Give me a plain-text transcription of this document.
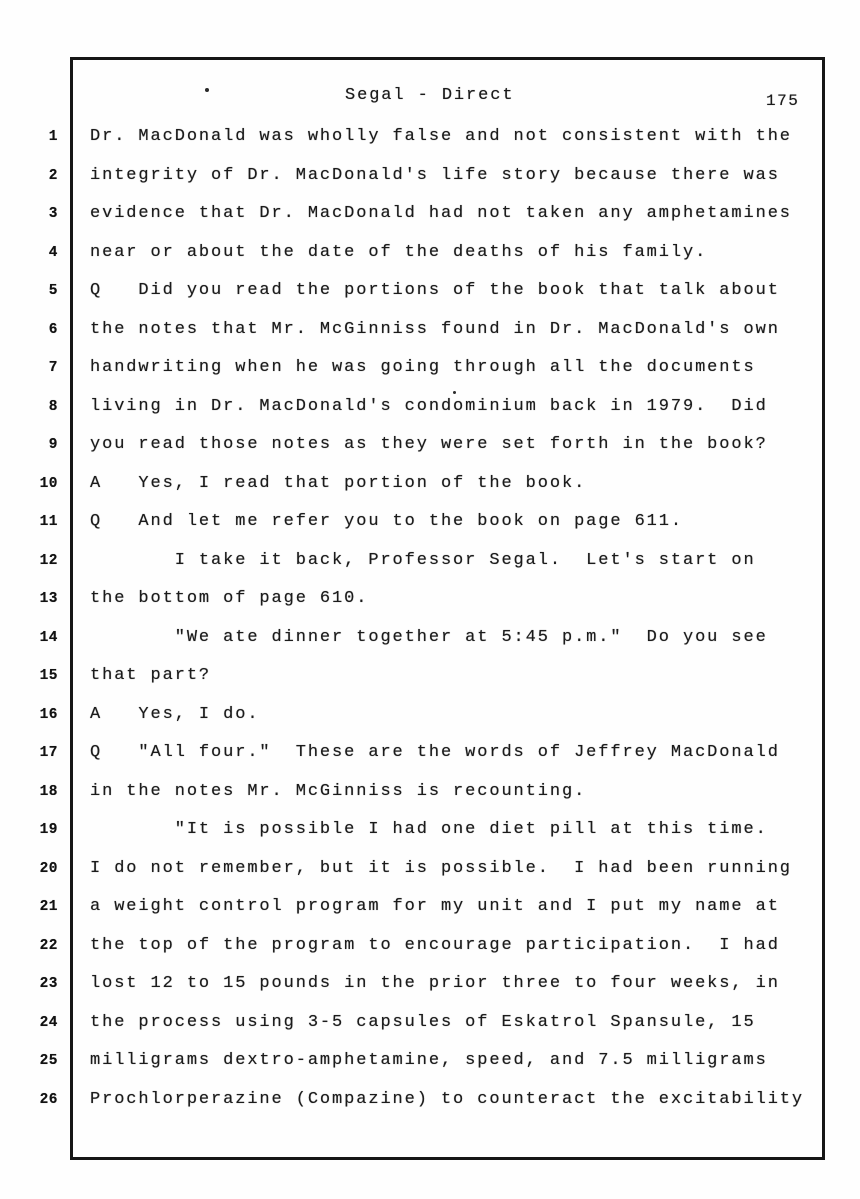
Segal - Direct	175
1 Dr. MacDonald was wholly false and not consistent with the
2 integrity of Dr. MacDonald's life story because there was
3 evidence that Dr. MacDonald had not taken any amphetamines
4 near or about the date of the deaths of his family.
5 Q   Did you read the portions of the book that talk about
6 the notes that Mr. McGinniss found in Dr. MacDonald's own
7 handwriting when he was going through all the documents
8 living in Dr. MacDonald's condominium back in 1979.  Did
9 you read those notes as they were set forth in the book?
10 A   Yes, I read that portion of the book.
11 Q   And let me refer you to the book on page 611.
12 I take it back, Professor Segal.  Let's start on
13 the bottom of page 610.
14 "We ate dinner together at 5:45 p.m."  Do you see
15 that part?
16 A   Yes, I do.
17 Q   "All four."  These are the words of Jeffrey MacDonald
18 in the notes Mr. McGinniss is recounting.
19 "It is possible I had one diet pill at this time.
20 I do not remember, but it is possible.  I had been running
21 a weight control program for my unit and I put my name at
22 the top of the program to encourage participation.  I had
23 lost 12 to 15 pounds in the prior three to four weeks, in
24 the process using 3-5 capsules of Eskatrol Spansule, 15
25 milligrams dextro-amphetamine, speed, and 7.5 milligrams
26 Prochlorperazine (Compazine) to counteract the excitability
